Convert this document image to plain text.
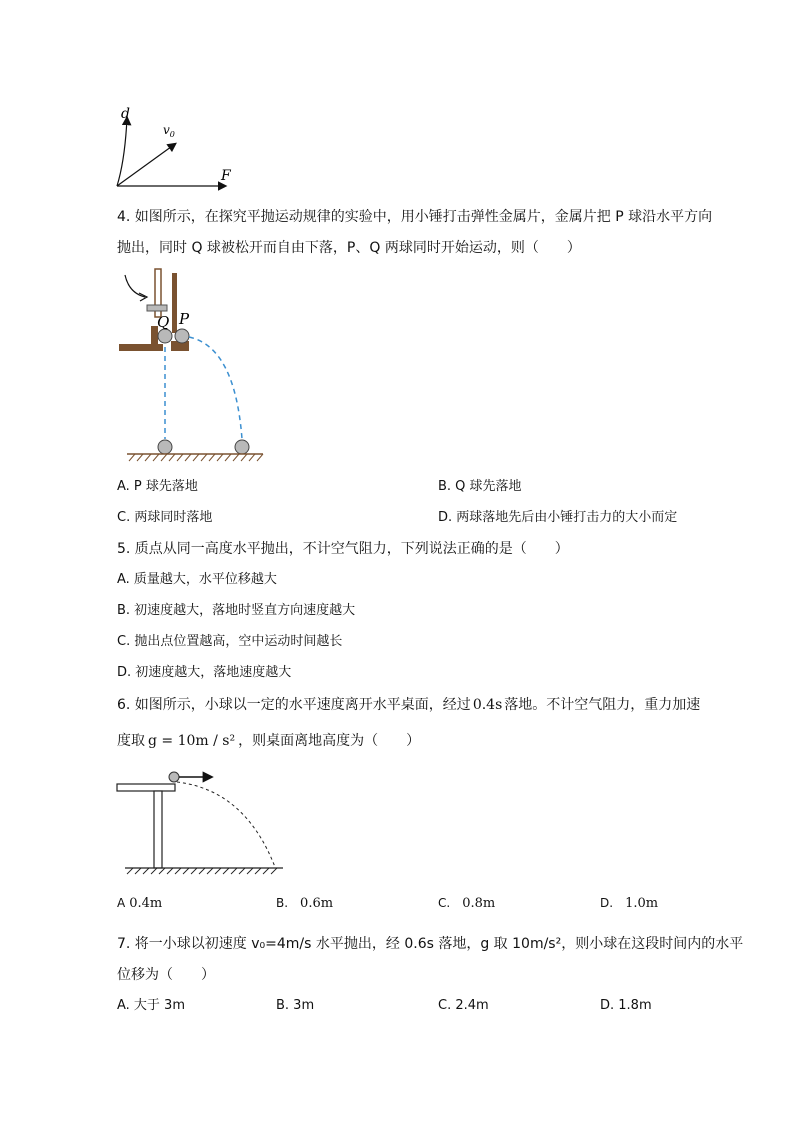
d
$v_0$
F
4. 如图所示，在探究平抛运动规律的实验中，用小锤打击弹性金属片，金属片把 P 球沿水平方向
抛出，同时 Q 球被松开而自由下落，P、Q 两球同时开始运动，则（　　）
Q P
A. P 球先落地	B. Q 球先落地
C. 两球同时落地	D. 两球落地先后由小锤打击力的大小而定
5. 质点从同一高度水平抛出，不计空气阻力，下列说法正确的是（　　）
A. 质量越大，水平位移越大
B. 初速度越大，落地时竖直方向速度越大
C. 抛出点位置越高，空中运动时间越长
D. 初速度越大，落地速度越大
6. 如图所示，小球以一定的水平速度离开水平桌面，经过 0.4s 落地。不计空气阻力，重力加速
度取 g = 10m / s² ，则桌面离地高度为（　　）
A 0.4m	B. 0.6m	C. 0.8m	D. 1.0m
7. 将一小球以初速度 v₀=4m/s 水平抛出，经 0.6s 落地，g 取 10m/s²，则小球在这段时间内的水平
位移为（　　）
A. 大于 3m	B. 3m	C. 2.4m	D. 1.8m
